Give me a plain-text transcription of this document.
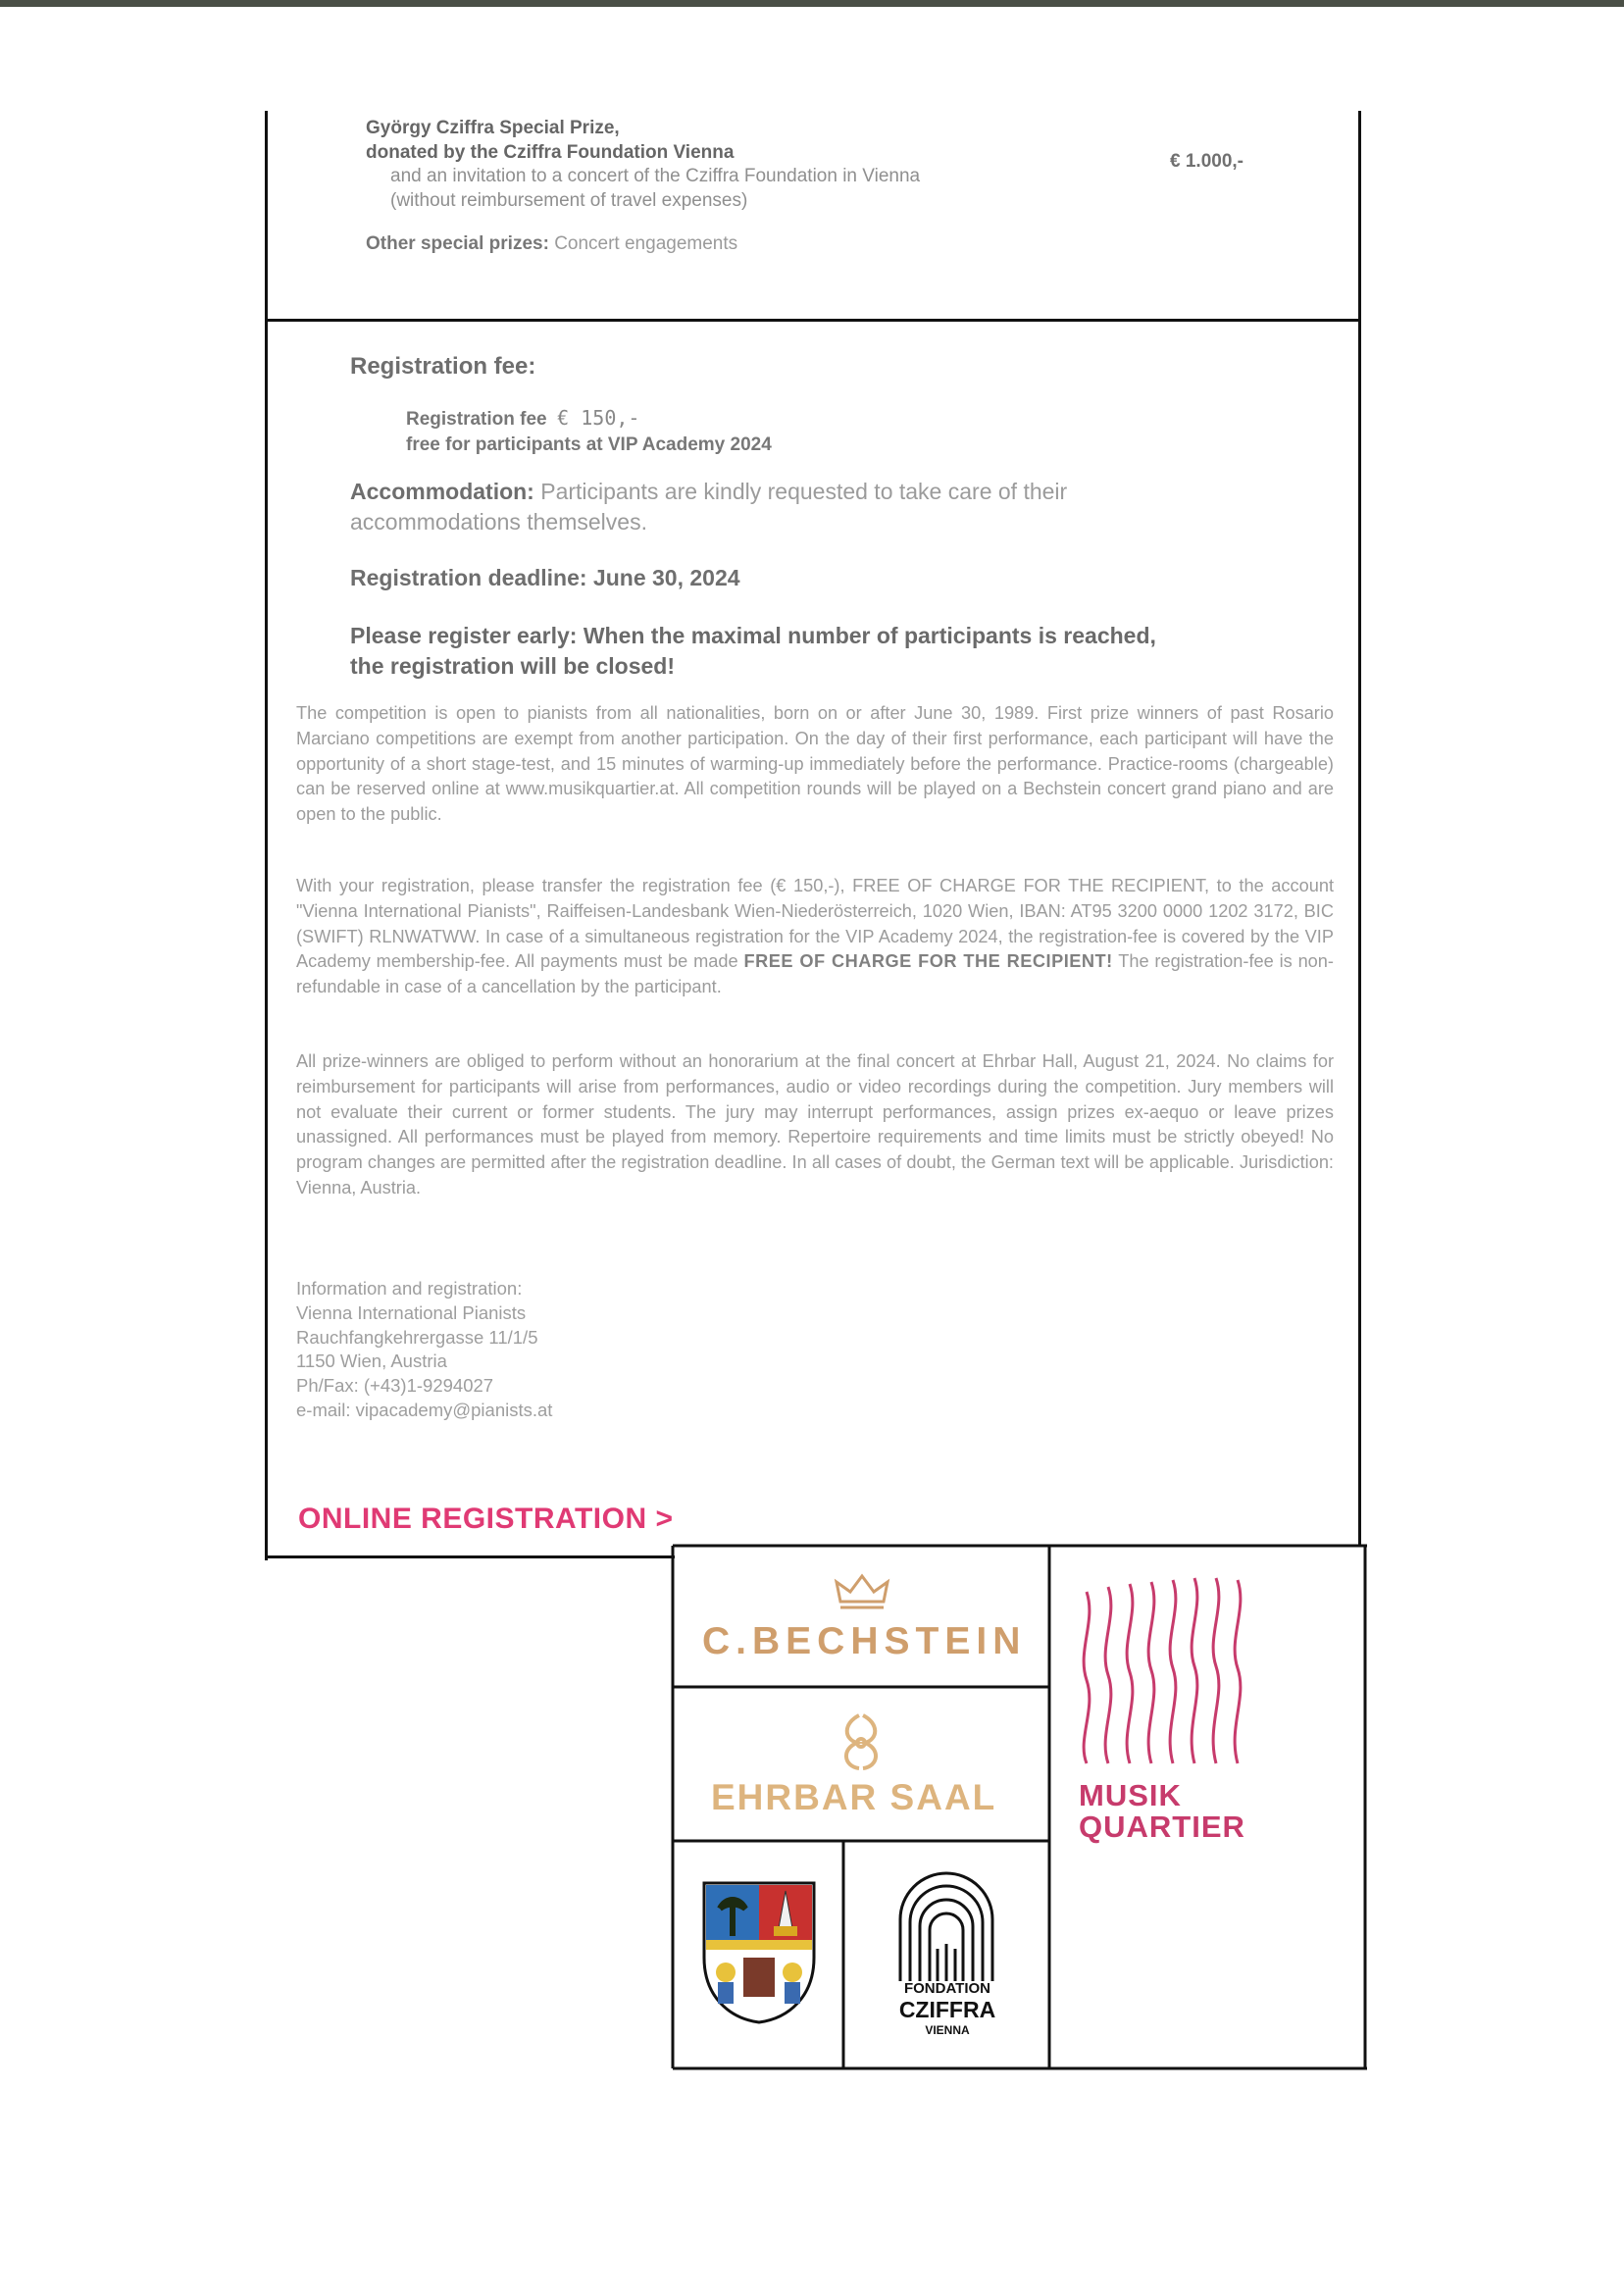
György Cziffra Special Prize,
donated by the Cziffra Foundation Vienna
and an invitation to a concert of the Cziffra Foundation in Vienna
(without reimbursement of travel expenses)
€ 1.000,-
Other special prizes: Concert engagements
Registration fee:
Registration fee € 150,-
free for participants at VIP Academy 2024
Accommodation: Participants are kindly requested to take care of their
accommodations themselves.
Registration deadline: June 30, 2024
Please register early: When the maximal number of participants is reached,
the registration will be closed!
The competition is open to pianists from all nationalities, born on or after June 30, 1989. First prize winners of past Rosario Marciano competitions are exempt from another participation. On the day of their first performance, each participant will have the opportunity of a short stage-test, and 15 minutes of warming-up immediately before the performance. Practice-rooms (chargeable) can be reserved online at www.musikquartier.at. All competition rounds will be played on a Bechstein concert grand piano and are open to the public.
With your registration, please transfer the registration fee (€ 150,-), FREE OF CHARGE FOR THE RECIPIENT, to the account "Vienna International Pianists", Raiffeisen-Landesbank Wien-Niederösterreich, 1020 Wien, IBAN: AT95 3200 0000 1202 3172, BIC (SWIFT) RLNWATWW. In case of a simultaneous registration for the VIP Academy 2024, the registration-fee is covered by the VIP Academy membership-fee. All payments must be made FREE OF CHARGE FOR THE RECIPIENT! The registration-fee is non-refundable in case of a cancellation by the participant.
All prize-winners are obliged to perform without an honorarium at the final concert at Ehrbar Hall, August 21, 2024. No claims for reimbursement for participants will arise from performances, audio or video recordings during the competition. Jury members will not evaluate their current or former students. The jury may interrupt performances, assign prizes ex-aequo or leave prizes unassigned. All performances must be played from memory. Repertoire requirements and time limits must be strictly obeyed! No program changes are permitted after the registration deadline. In all cases of doubt, the German text will be applicable. Jurisdiction: Vienna, Austria.
Information and registration:
Vienna International Pianists
Rauchfangkehrergasse 11/1/5
1150 Wien, Austria
Ph/Fax: (+43)1-9294027
e-mail: vipacademy@pianists.at
ONLINE REGISTRATION >
C.BECHSTEIN
EHRBAR SAAL	MUSIK
QUARTIER
FONDATION
CZIFFRA
VIENNA
